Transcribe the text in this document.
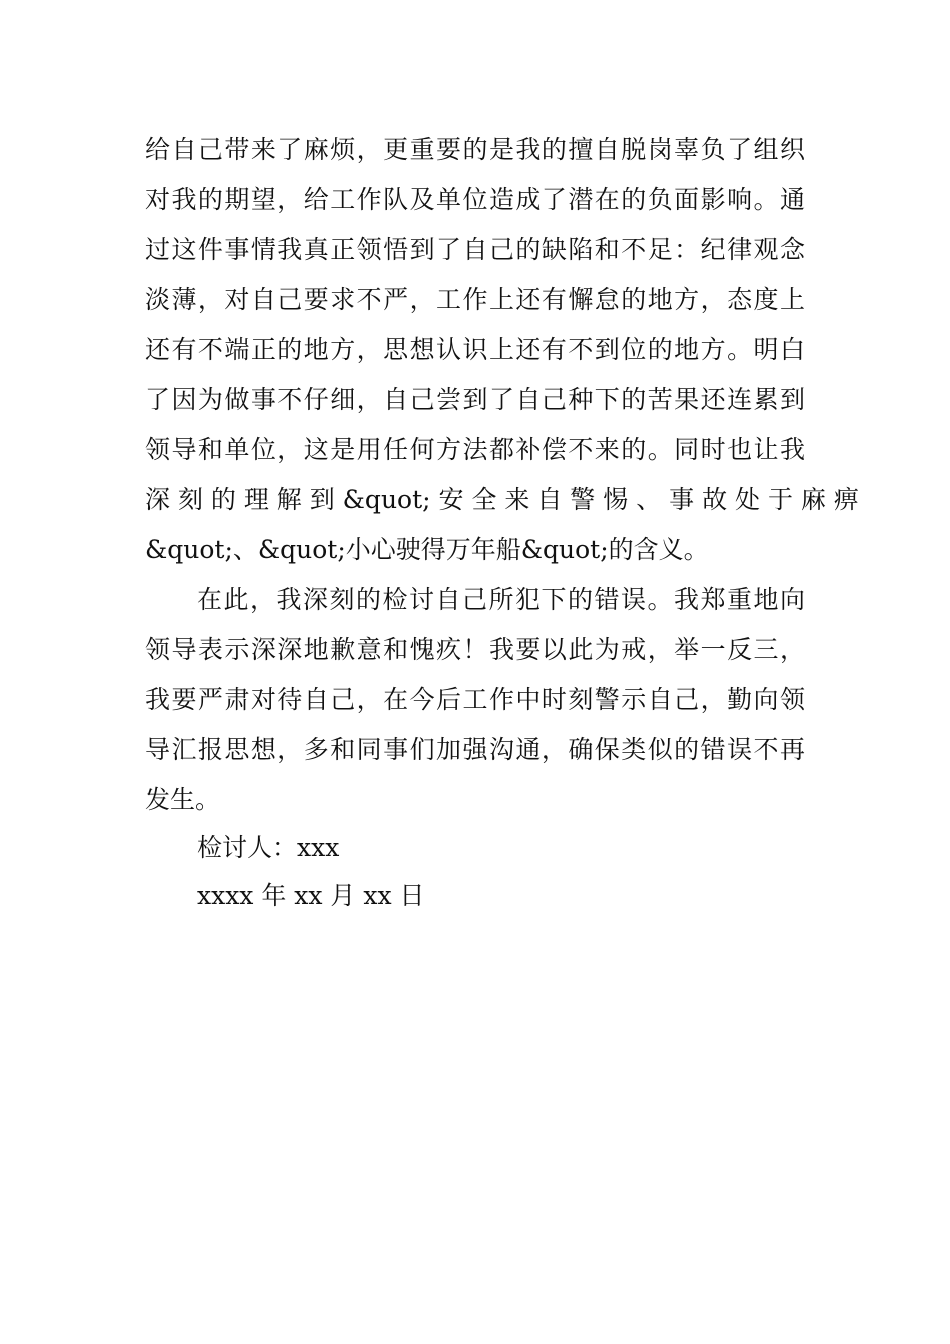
给自己带来了麻烦，更重要的是我的擅自脱岗辜负了组织
对我的期望，给工作队及单位造成了潜在的负面影响。通
过这件事情我真正领悟到了自己的缺陷和不足：纪律观念
淡薄，对自己要求不严，工作上还有懈怠的地方，态度上
还有不端正的地方，思想认识上还有不到位的地方。明白
了因为做事不仔细，自己尝到了自己种下的苦果还连累到
领导和单位，这是用任何方法都补偿不来的。同时也让我
深 刻 的 理 解 到 &quot; 安 全 来 自 警 惕 、 事 故 处 于 麻 痹
&quot;、&quot;小心驶得万年船&quot;的含义。
在此，我深刻的检讨自己所犯下的错误。我郑重地向
领导表示深深地歉意和愧疚！我要以此为戒，举一反三，
我要严肃对待自己，在今后工作中时刻警示自己，勤向领
导汇报思想，多和同事们加强沟通，确保类似的错误不再
发生。
检讨人：xxx
xxxx 年 xx 月 xx 日
